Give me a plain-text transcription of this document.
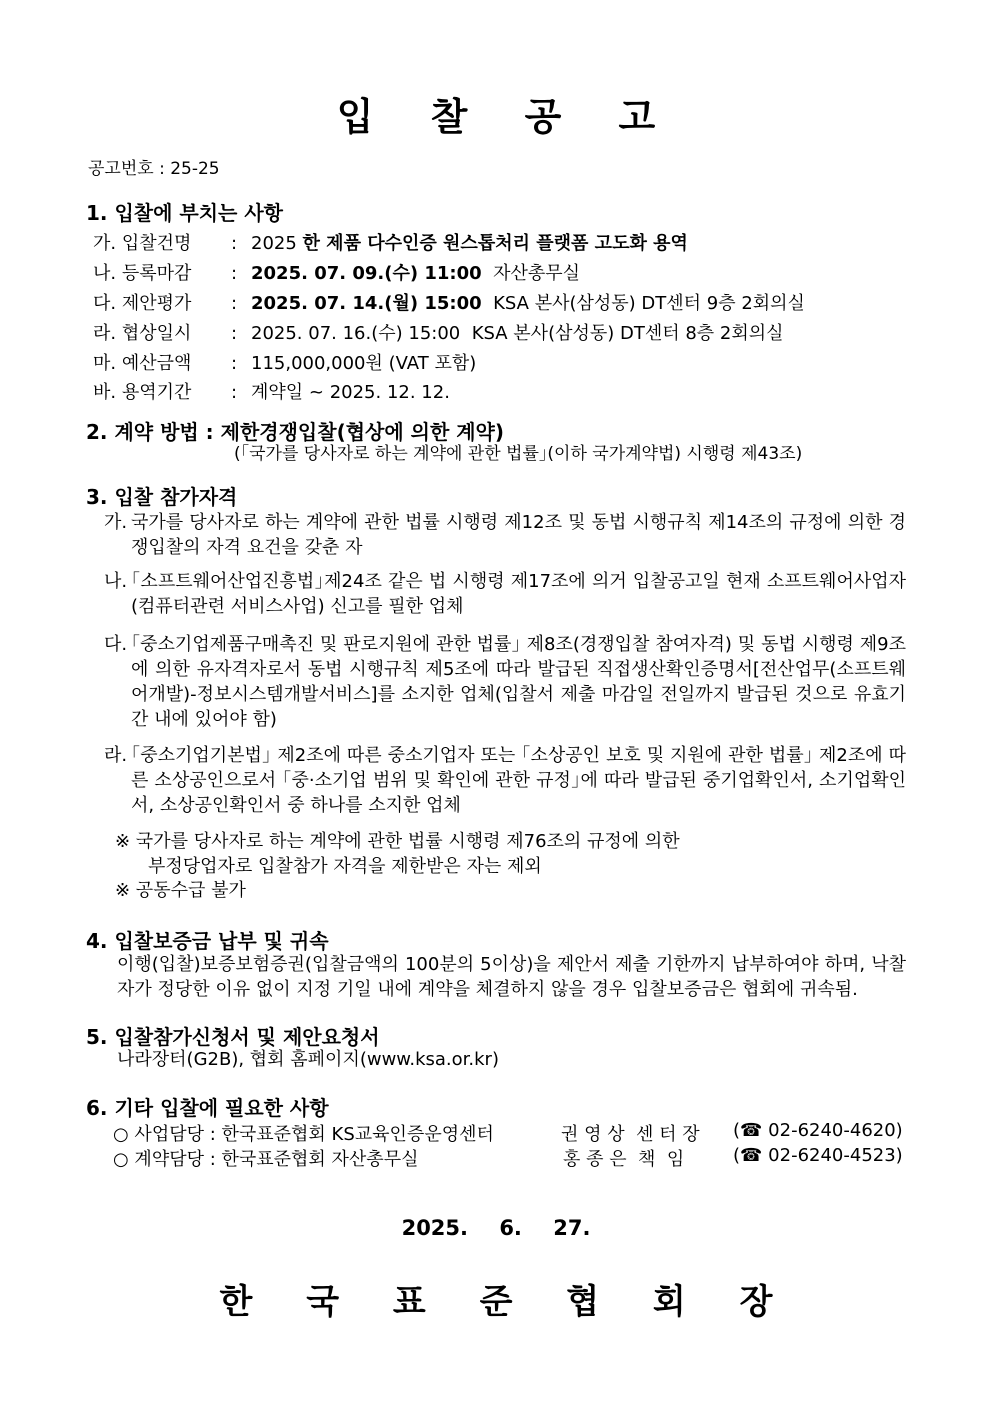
입 찰 공 고
공고번호 : 25-25
1. 입찰에 부치는 사항
가. 입찰건명 : 2025 한 제품 다수인증 원스톱처리 플랫폼 고도화 용역
나. 등록마감 : 2025. 07. 09.(수) 11:00  자산총무실
다. 제안평가 : 2025. 07. 14.(월) 15:00  KSA 본사(삼성동) DT센터 9층 2회의실
라. 협상일시 : 2025. 07. 16.(수) 15:00  KSA 본사(삼성동) DT센터 8층 2회의실
마. 예산금액 : 115,000,000원 (VAT 포함)
바. 용역기간 : 계약일 ~ 2025. 12. 12.
2. 계약 방법 : 제한경쟁입찰(협상에 의한 계약)
(｢국가를 당사자로 하는 계약에 관한 법률｣(이하 국가계약법) 시행령 제43조)
3. 입찰 참가자격
가. 국가를 당사자로 하는 계약에 관한 법률 시행령 제12조 및 동법 시행규칙 제14조의 규정에 의한 경쟁입찰의 자격 요건을 갖춘 자
나. ｢소프트웨어산업진흥법｣제24조 같은 법 시행령 제17조에 의거 입찰공고일 현재 소프트웨어사업자(컴퓨터관련 서비스사업) 신고를 필한 업체
다. ｢중소기업제품구매촉진 및 판로지원에 관한 법률｣ 제8조(경쟁입찰 참여자격) 및 동법 시행령 제9조에 의한 유자격자로서 동법 시행규칙 제5조에 따라 발급된 직접생산확인증명서[전산업무(소프트웨어개발)-정보시스템개발서비스]를 소지한 업체(입찰서 제출 마감일 전일까지 발급된 것으로 유효기간 내에 있어야 함)
라. ｢중소기업기본법｣ 제2조에 따른 중소기업자 또는 ｢소상공인 보호 및 지원에 관한 법률｣ 제2조에 따른 소상공인으로서 ｢중·소기업 범위 및 확인에 관한 규정｣에 따라 발급된 중기업확인서, 소기업확인서, 소상공인확인서 중 하나를 소지한 업체
※ 국가를 당사자로 하는 계약에 관한 법률 시행령 제76조의 규정에 의한
부정당업자로 입찰참가 자격을 제한받은 자는 제외
※ 공동수급 불가
4. 입찰보증금 납부 및 귀속
이행(입찰)보증보험증권(입찰금액의 100분의 5이상)을 제안서 제출 기한까지 납부하여야 하며, 낙찰자가 정당한 이유 없이 지정 기일 내에 계약을 체결하지 않을 경우 입찰보증금은 협회에 귀속됨.
5. 입찰참가신청서 및 제안요청서
나라장터(G2B), 협회 홈페이지(www.ksa.or.kr)
6. 기타 입찰에 필요한 사항
○ 사업담당 : 한국표준협회 KS교육인증운영센터	권 영 상  센 터 장 (☎ 02-6240-4620)
○ 계약담당 : 한국표준협회 자산총무실	홍 종 은  책  임	(☎ 02-6240-4523)
2025. 6. 27.
한 국 표 준 협 회 장
